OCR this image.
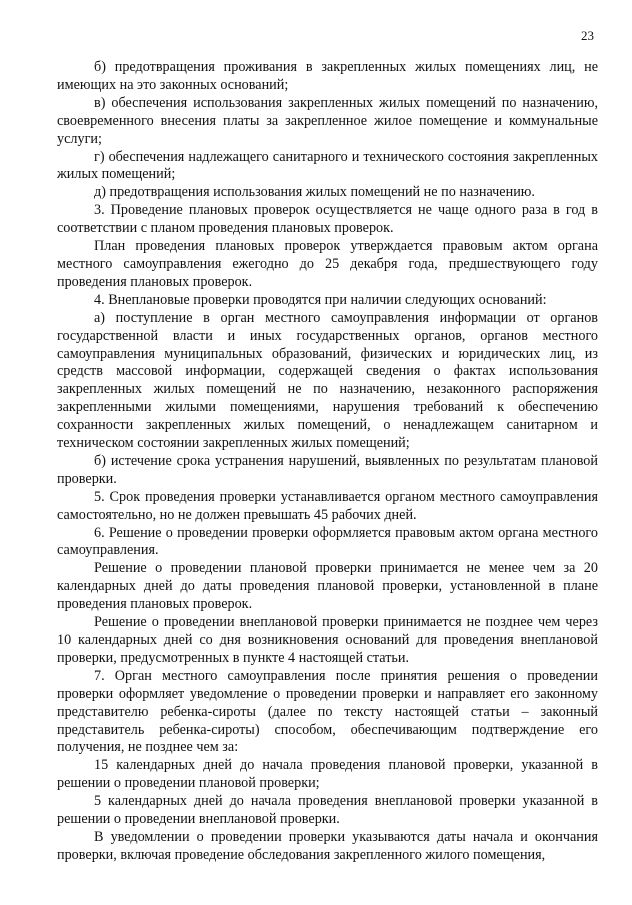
23

б) предотвращения проживания в закрепленных жилых помещениях лиц, не имеющих на это законных оснований;

в) обеспечения использования закрепленных жилых помещений по назначению, своевременного внесения платы за закрепленное жилое помещение и коммунальные услуги;

г) обеспечения надлежащего санитарного и технического состояния закрепленных жилых помещений;

д) предотвращения использования жилых помещений не по назначению.

3. Проведение плановых проверок осуществляется не чаще одного раза в год в соответствии с планом проведения плановых проверок.

План проведения плановых проверок утверждается правовым актом органа местного самоуправления ежегодно до 25 декабря года, предшествующего году проведения плановых проверок.

4. Внеплановые проверки проводятся при наличии следующих оснований:

а) поступление в орган местного самоуправления информации от органов государственной власти и иных государственных органов, органов местного самоуправления муниципальных образований, физических и юридических лиц, из средств массовой информации, содержащей сведения о фактах использования закрепленных жилых помещений не по назначению, незаконного распоряжения закрепленными жилыми помещениями, нарушения требований к обеспечению сохранности закрепленных жилых помещений, о ненадлежащем санитарном и техническом состоянии закрепленных жилых помещений;

б) истечение срока устранения нарушений, выявленных по результатам плановой проверки.

5. Срок проведения проверки устанавливается органом местного самоуправления самостоятельно, но не должен превышать 45 рабочих дней.

6. Решение о проведении проверки оформляется правовым актом органа местного самоуправления.

Решение о проведении плановой проверки принимается не менее чем за 20 календарных дней до даты проведения плановой проверки, установленной в плане проведения плановых проверок.

Решение о проведении внеплановой проверки принимается не позднее чем через 10 календарных дней со дня возникновения оснований для проведения внеплановой проверки, предусмотренных в пункте 4 настоящей статьи.

7. Орган местного самоуправления после принятия решения о проведении проверки оформляет уведомление о проведении проверки и направляет его законному представителю ребенка-сироты (далее по тексту настоящей статьи – законный представитель ребенка-сироты) способом, обеспечивающим подтверждение его получения, не позднее чем за:

15 календарных дней до начала проведения плановой проверки, указанной в решении о проведении плановой проверки;

5 календарных дней до начала проведения внеплановой проверки указанной в решении о проведении внеплановой проверки.

В уведомлении о проведении проверки указываются даты начала и окончания проверки, включая проведение обследования закрепленного жилого помещения,
